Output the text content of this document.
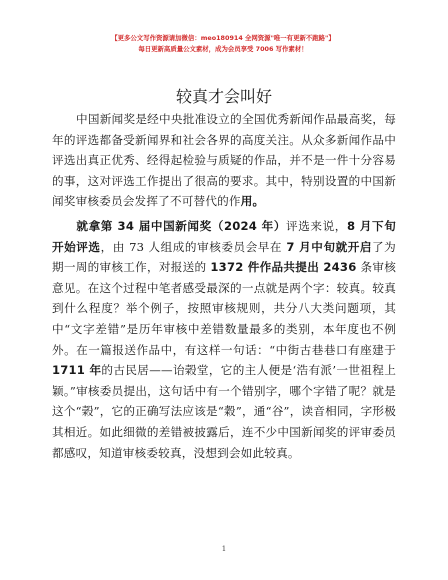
【更多公文写作资源请加微信：meo180914 全网资源"唯一有更新不跑路"】
每日更新高质量公文素材，成为会员享受 7006 写作素材！
较真才会叫好

中国新闻奖是经中央批准设立的全国优秀新闻作品最高奖，每年的评选都备受新闻界和社会各界的高度关注。从众多新闻作品中评选出真正优秀、经得起检验与质疑的作品，并不是一件十分容易的事，这对评选工作提出了很高的要求。其中，特别设置的中国新闻奖审核委员会发挥了不可替代的作用。

就拿第 34 届中国新闻奖（2024 年）评选来说，8 月下旬开始评选，由 73 人组成的审核委员会早在 7 月中旬就开启了为期一周的审核工作，对报送的 1372 件作品共提出 2436 条审核意见。在这个过程中笔者感受最深的一点就是两个字：较真。较真到什么程度？举个例子，按照审核规则，共分八大类问题项，其中“文字差错”是历年审核中差错数量最多的类别，本年度也不例外。在一篇报送作品中，有这样一句话：“中街古巷巷口有座建于 1711 年的古民居——诒榖堂，它的主人便是‘浩有派’一世祖程上颖。”审核委员提出，这句话中有一个错别字，哪个字错了呢？就是这个“榖”，它的正确写法应该是“穀”，通“谷”，读音相同，字形极其相近。如此细微的差错被披露后，连不少中国新闻奖的评审委员都感叹，知道审核委较真，没想到会如此较真。

1
